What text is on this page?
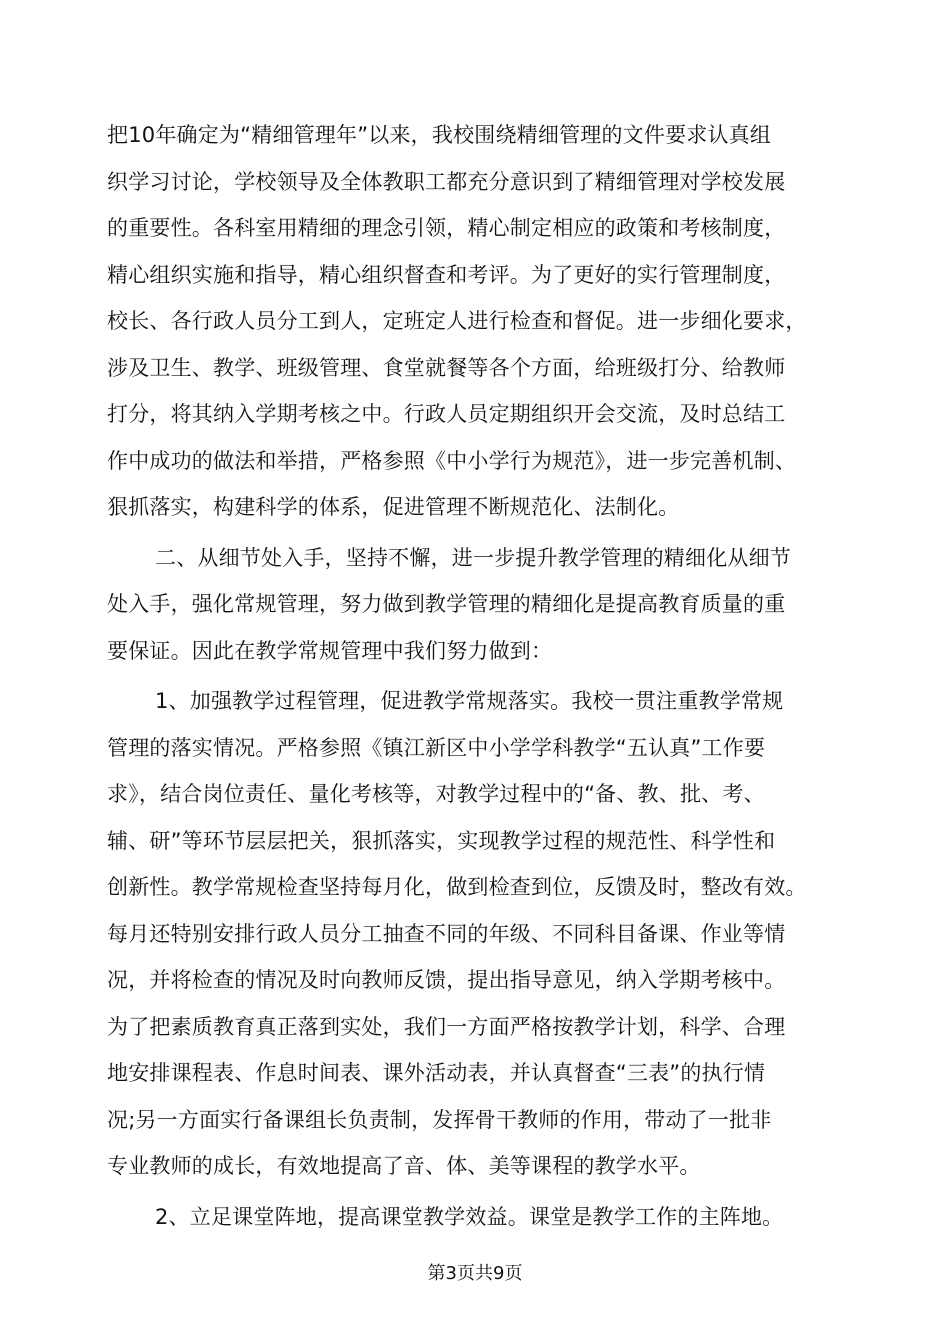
把10年确定为“精细管理年”以来，我校围绕精细管理的文件要求认真组
织学习讨论，学校领导及全体教职工都充分意识到了精细管理对学校发展
的重要性。各科室用精细的理念引领，精心制定相应的政策和考核制度，
精心组织实施和指导，精心组织督查和考评。为了更好的实行管理制度，
校长、各行政人员分工到人，定班定人进行检查和督促。进一步细化要求，
涉及卫生、教学、班级管理、食堂就餐等各个方面，给班级打分、给教师
打分，将其纳入学期考核之中。行政人员定期组织开会交流，及时总结工
作中成功的做法和举措，严格参照《中小学行为规范》，进一步完善机制、
狠抓落实，构建科学的体系，促进管理不断规范化、法制化。
二、从细节处入手，坚持不懈，进一步提升教学管理的精细化从细节
处入手，强化常规管理，努力做到教学管理的精细化是提高教育质量的重
要保证。因此在教学常规管理中我们努力做到：
1、加强教学过程管理，促进教学常规落实。我校一贯注重教学常规
管理的落实情况。严格参照《镇江新区中小学学科教学“五认真”工作要
求》，结合岗位责任、量化考核等，对教学过程中的“备、教、批、考、
辅、研”等环节层层把关，狠抓落实，实现教学过程的规范性、科学性和
创新性。教学常规检查坚持每月化，做到检查到位，反馈及时，整改有效。
每月还特别安排行政人员分工抽查不同的年级、不同科目备课、作业等情
况，并将检查的情况及时向教师反馈，提出指导意见，纳入学期考核中。
为了把素质教育真正落到实处，我们一方面严格按教学计划，科学、合理
地安排课程表、作息时间表、课外活动表，并认真督查“三表”的执行情
况;另一方面实行备课组长负责制，发挥骨干教师的作用，带动了一批非
专业教师的成长，有效地提高了音、体、美等课程的教学水平。
2、立足课堂阵地，提高课堂教学效益。课堂是教学工作的主阵地。
第3页共9页
